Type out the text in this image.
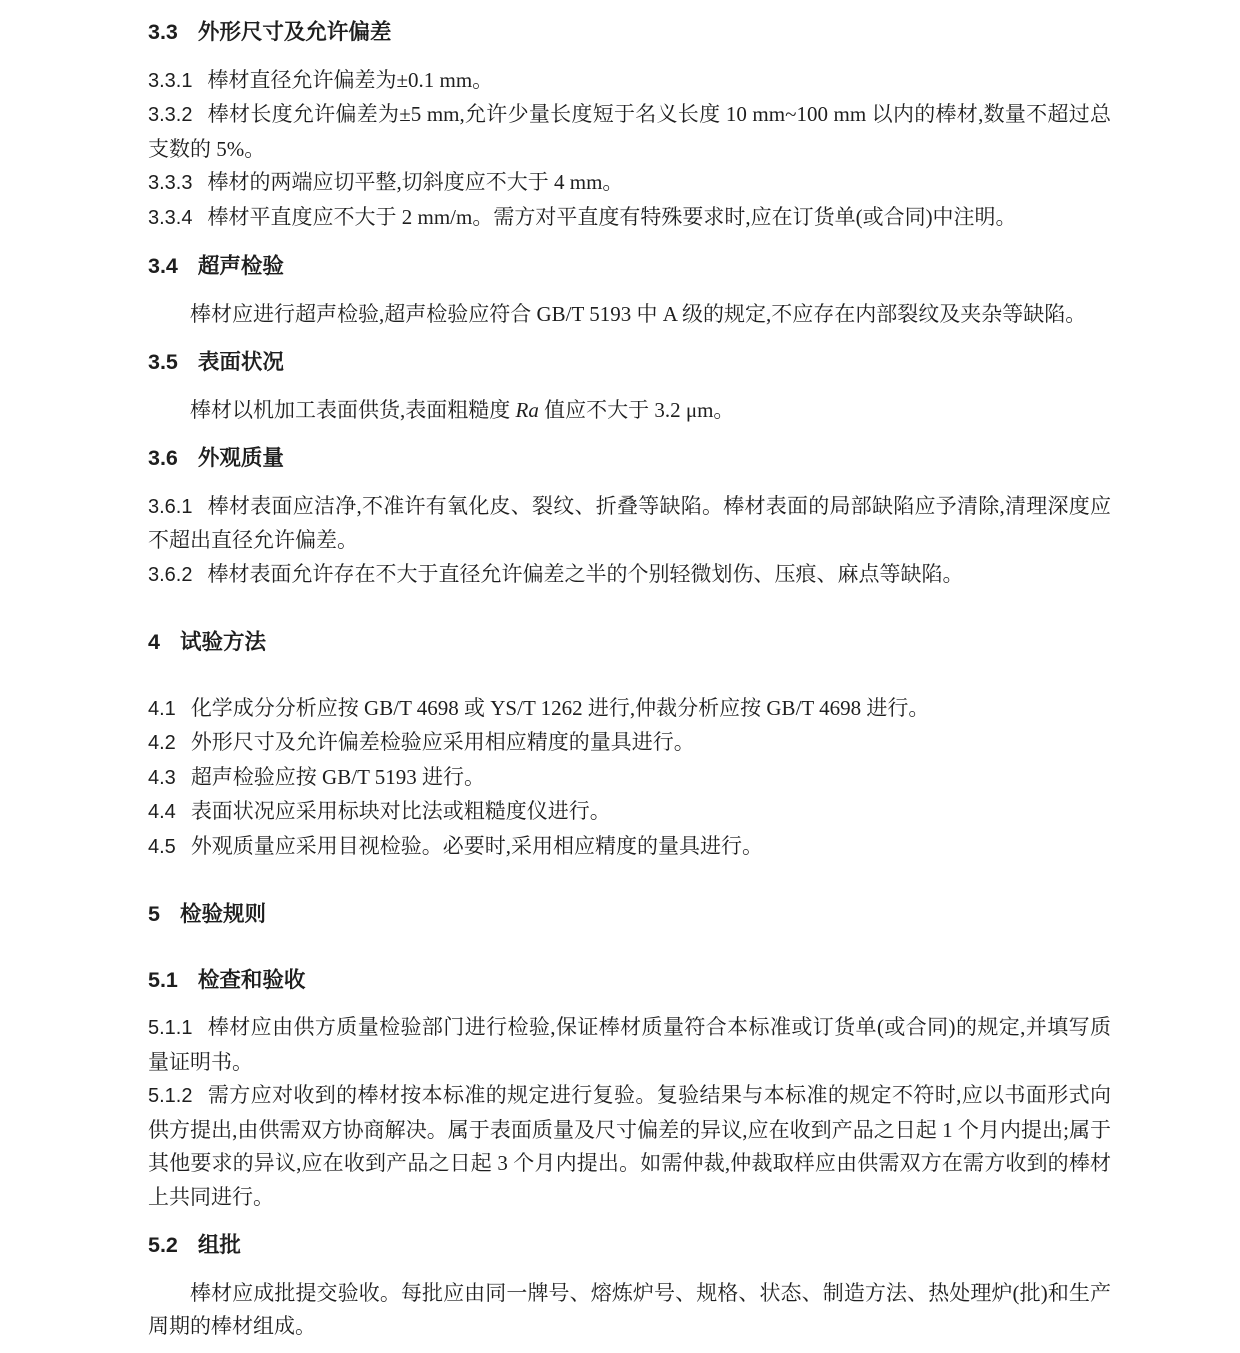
3.3 外形尺寸及允许偏差

3.3.1 棒材直径允许偏差为±0.1 mm。

3.3.2 棒材长度允许偏差为±5 mm,允许少量长度短于名义长度 10 mm~100 mm 以内的棒材,数量不超过总支数的 5%。

3.3.3 棒材的两端应切平整,切斜度应不大于 4 mm。

3.3.4 棒材平直度应不大于 2 mm/m。需方对平直度有特殊要求时,应在订货单(或合同)中注明。

3.4 超声检验

棒材应进行超声检验,超声检验应符合 GB/T 5193 中 A 级的规定,不应存在内部裂纹及夹杂等缺陷。

3.5 表面状况

棒材以机加工表面供货,表面粗糙度 Ra 值应不大于 3.2 μm。

3.6 外观质量

3.6.1 棒材表面应洁净,不准许有氧化皮、裂纹、折叠等缺陷。棒材表面的局部缺陷应予清除,清理深度应不超出直径允许偏差。

3.6.2 棒材表面允许存在不大于直径允许偏差之半的个别轻微划伤、压痕、麻点等缺陷。

4 试验方法

4.1 化学成分分析应按 GB/T 4698 或 YS/T 1262 进行,仲裁分析应按 GB/T 4698 进行。

4.2 外形尺寸及允许偏差检验应采用相应精度的量具进行。

4.3 超声检验应按 GB/T 5193 进行。

4.4 表面状况应采用标块对比法或粗糙度仪进行。

4.5 外观质量应采用目视检验。必要时,采用相应精度的量具进行。

5 检验规则
5.1 检查和验收

5.1.1 棒材应由供方质量检验部门进行检验,保证棒材质量符合本标准或订货单(或合同)的规定,并填写质量证明书。

5.1.2 需方应对收到的棒材按本标准的规定进行复验。复验结果与本标准的规定不符时,应以书面形式向供方提出,由供需双方协商解决。属于表面质量及尺寸偏差的异议,应在收到产品之日起 1 个月内提出;属于其他要求的异议,应在收到产品之日起 3 个月内提出。如需仲裁,仲裁取样应由供需双方在需方收到的棒材上共同进行。

5.2 组批

棒材应成批提交验收。每批应由同一牌号、熔炼炉号、规格、状态、制造方法、热处理炉(批)和生产周期的棒材组成。
